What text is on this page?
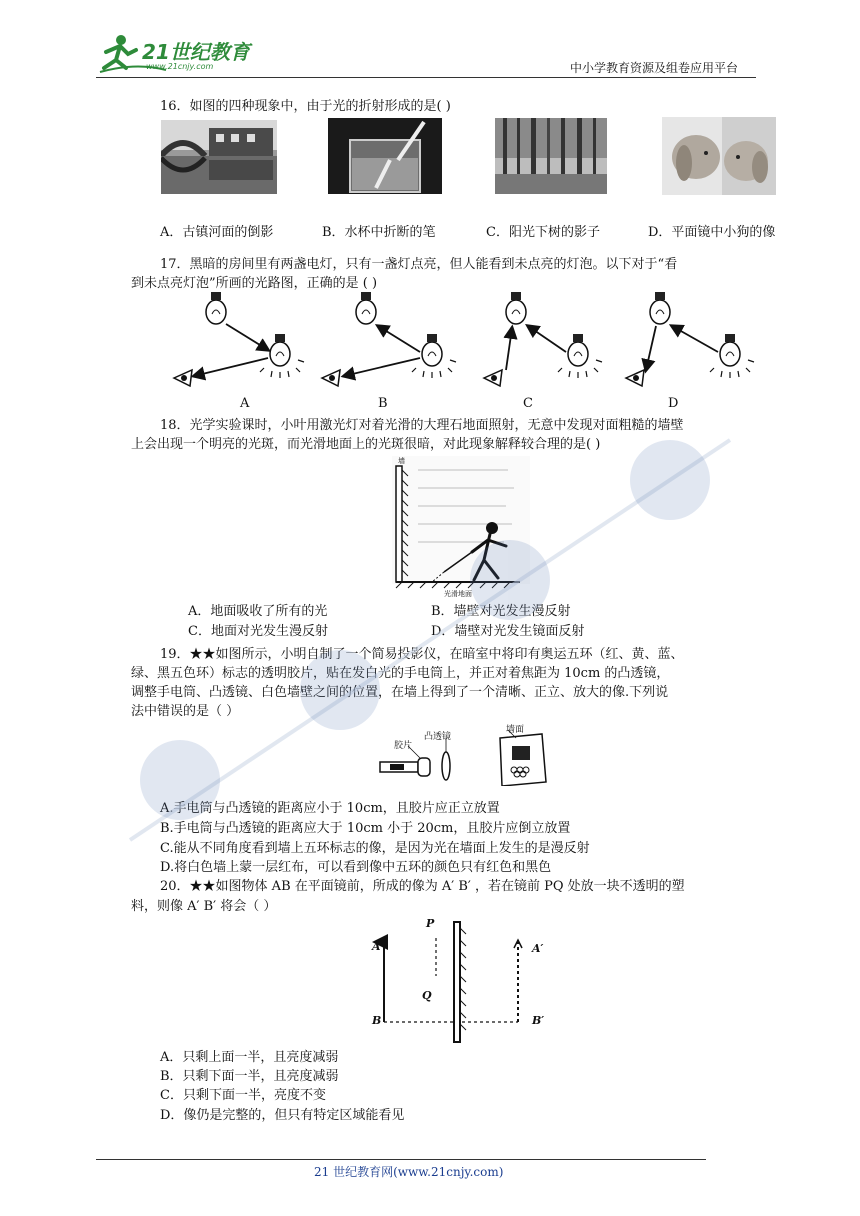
21世纪教育
www.21cnjy.com	中小学教育资源及组卷应用平台
16．如图的四种现象中，由于光的折射形成的是( )
A．古镇河面的倒影	B．水杯中折断的笔	C．阳光下树的影子	D．平面镜中小狗的像
17．黑暗的房间里有两盏电灯，只有一盏灯点亮，但人能看到未点亮的灯泡。以下对于“看
到未点亮灯泡”所画的光路图，正确的是 ( )
A	B	C	D
18．光学实验课时，小叶用激光灯对着光滑的大理石地面照射，无意中发现对面粗糙的墙壁
上会出现一个明亮的光斑，而光滑地面上的光斑很暗，对此现象解释较合理的是( )
墙
光滑地面
A．地面吸收了所有的光	B．墙壁对光发生漫反射
C．地面对光发生漫反射	D．墙壁对光发生镜面反射
19．★★如图所示，小明自制了一个简易投影仪，在暗室中将印有奥运五环（红、黄、蓝、
绿、黑五色环）标志的透明胶片，贴在发白光的手电筒上，并正对着焦距为 10cm 的凸透镜，
调整手电筒、凸透镜、白色墙壁之间的位置，在墙上得到了一个清晰、正立、放大的像.下列说
法中错误的是（ ）
胶片
凸透镜
墙面
A.手电筒与凸透镜的距离应小于 10cm，且胶片应正立放置
B.手电筒与凸透镜的距离应大于 10cm 小于 20cm，且胶片应倒立放置
C.能从不同角度看到墙上五环标志的像，是因为光在墙面上发生的是漫反射
D.将白色墙上蒙一层红布，可以看到像中五环的颜色只有红色和黑色
20．★★如图物体 AB 在平面镜前，所成的像为 A′ B′ ，若在镜前 PQ 处放一块不透明的塑
料，则像 A′ B′ 将会（ ）
A
B
P
Q
A′
B′
A．只剩上面一半，且亮度减弱
B．只剩下面一半，且亮度减弱
C．只剩下面一半，亮度不变
D．像仍是完整的，但只有特定区域能看见
21 世纪教育网(www.21cnjy.com)
